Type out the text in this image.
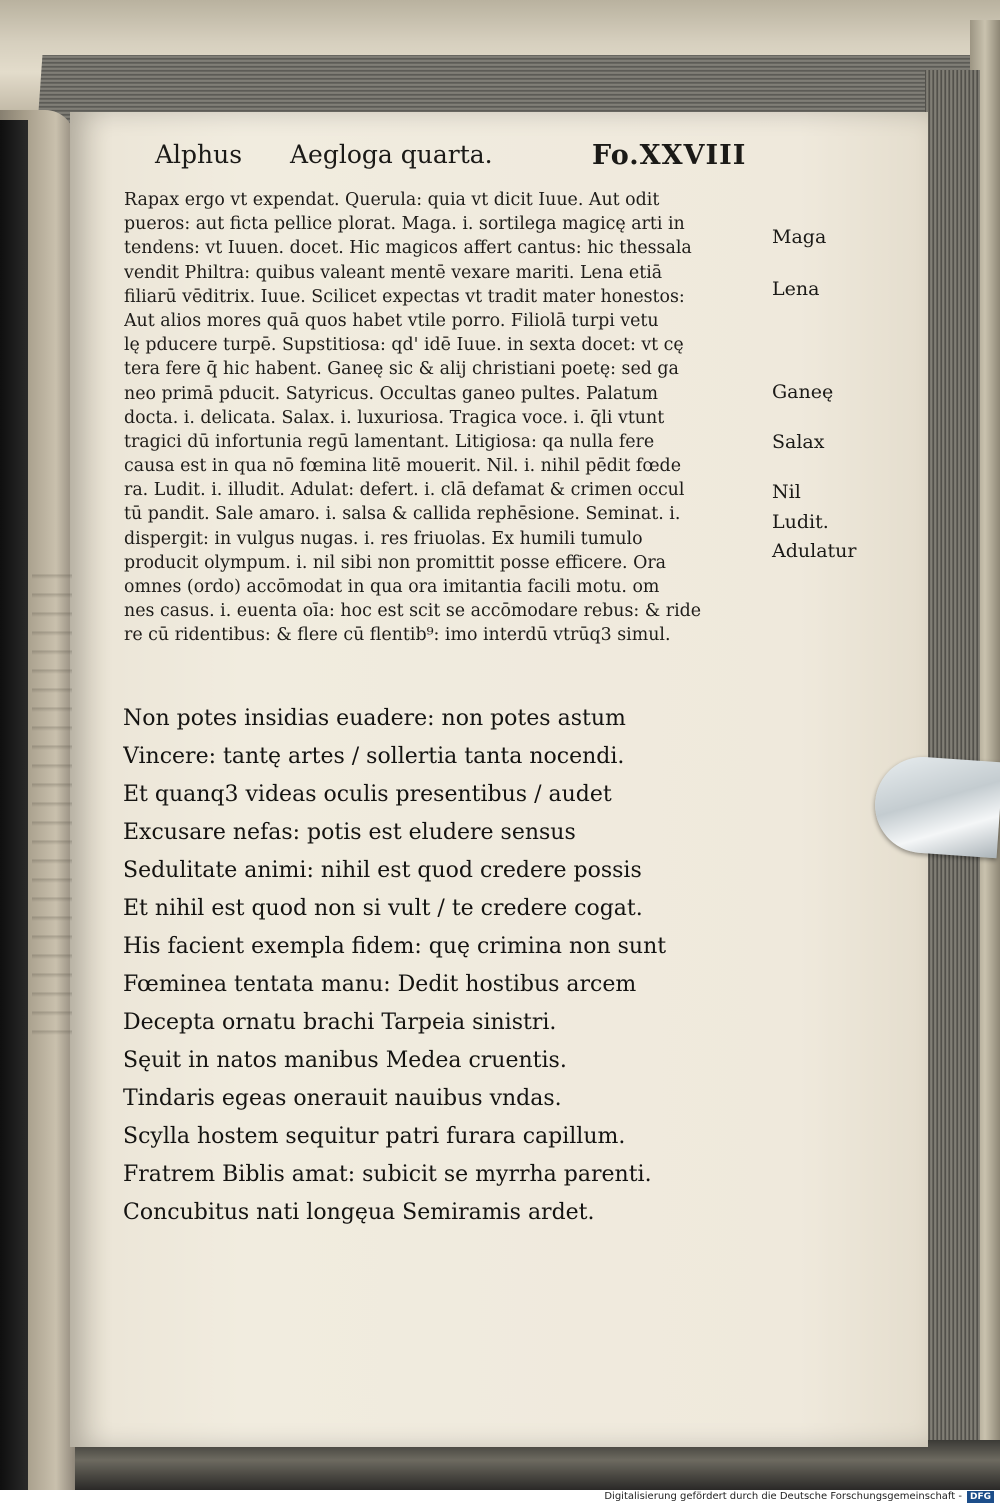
Alphus Aegloga quarta.	Fo.XXVIII
Rapax ergo vt expendat. Querula: quia vt dicit Iuue. Aut odit
pueros: aut ficta pellice plorat. Maga. i. sortilega magicę arti in
tendens: vt Iuuen. docet. Hic magicos affert cantus: hic thessala
vendit Philtra: quibus valeant mentē vexare mariti. Lena etiā
filiarū vēditrix. Iuue. Scilicet expectas vt tradit mater honestos:
Aut alios mores quā quos habet vtile porro. Filiolā turpi vetu
lę pducere turpē. Supstitiosa: qd' idē Iuue. in sexta docet: vt cę
tera fere q̄ hic habent. Ganeę sic & alij christiani poetę: sed ga
neo primā pducit. Satyricus. Occultas ganeo pultes. Palatum
docta. i. delicata. Salax. i. luxuriosa. Tragica voce. i. q̄li vtunt
tragici dū infortunia regū lamentant. Litigiosa: qa nulla fere
causa est in qua nō fœmina litē mouerit. Nil. i. nihil pēdit fœde
ra. Ludit. i. illudit. Adulat: defert. i. clā defamat & crimen occul
tū pandit. Sale amaro. i. salsa & callida rephēsione. Seminat. i.
dispergit: in vulgus nugas. i. res friuolas. Ex humili tumulo
producit olympum. i. nil sibi non promittit posse efficere. Ora
omnes (ordo) accōmodat in qua ora imitantia facili motu. om
nes casus. i. euenta oīa: hoc est scit se accōmodare rebus: & ride
re cū ridentibus: & flere cū flentib⁹: imo interdū vtrūq3 simul.
Non potes insidias euadere: non potes astum
Vincere: tantę artes / sollertia tanta nocendi.
Et quanq3 videas oculis presentibus / audet
Excusare nefas: potis est eludere sensus
Sedulitate animi: nihil est quod credere possis
Et nihil est quod non si vult / te credere cogat.
His facient exempla fidem: quę crimina non sunt
Fœminea tentata manu: Dedit hostibus arcem
Decepta ornatu brachi Tarpeia sinistri.
Sęuit in natos manibus Medea cruentis.
Tindaris egeas onerauit nauibus vndas.
Scylla hostem sequitur patri furara capillum.
Fratrem Biblis amat: subicit se myrrha parenti.
Concubitus nati longęua Semiramis ardet.
Maga
Lena
Ganeę
Salax
Nil
Ludit.
Adulatur
Digitalisierung gefördert durch die Deutsche Forschungsgemeinschaft - DFG
